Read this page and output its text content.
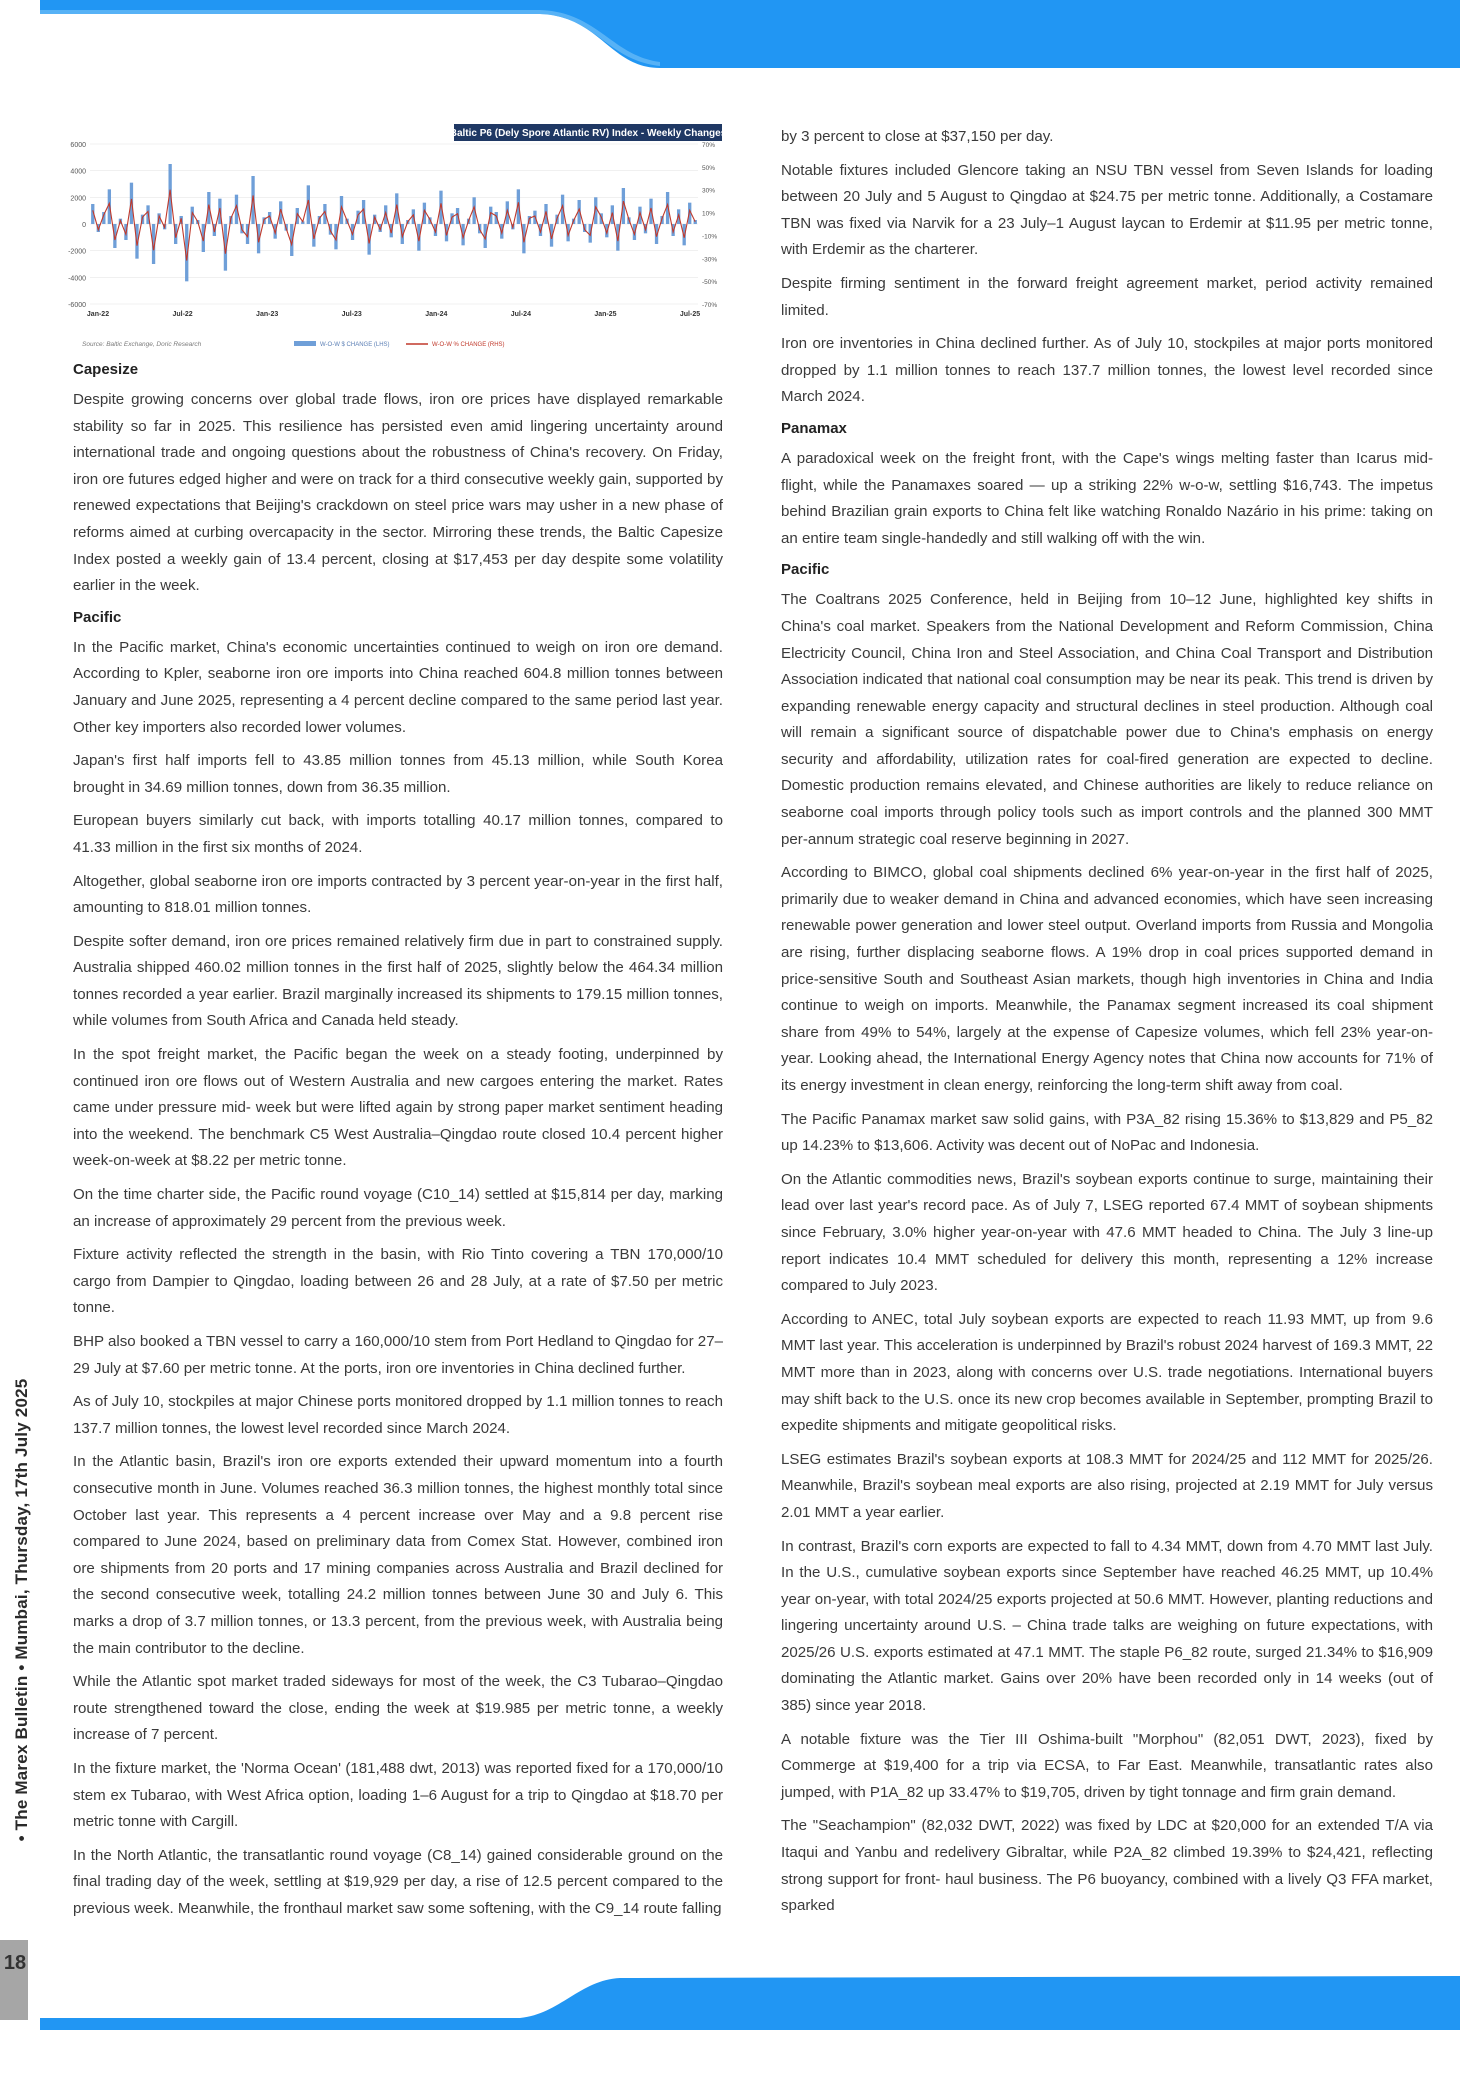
• The Marex Bulletin • Mumbai, Thursday, 17th July 2025
18
Baltic P6 (Dely Spore Atlantic RV) Index - Weekly Changes
6000
4000
2000
0
-2000
-4000
-6000
70%
50%
30%
10%
-10%
-30%
-50%
-70%
Jan-22	Jul-22	Jan-23	Jul-23	Jan-24	Jul-24	Jan-25	Jul-25
Source: Baltic Exchange, Doric Research	W-O-W $ CHANGE (LHS)	W-O-W % CHANGE (RHS)
Capesize

Despite growing concerns over global trade flows, iron ore prices have displayed remarkable stability so far in 2025. This resilience has persisted even amid lingering uncertainty around international trade and ongoing questions about the robustness of China's recovery. On Friday, iron ore futures edged higher and were on track for a third consecutive weekly gain, supported by renewed expectations that Beijing's crackdown on steel price wars may usher in a new phase of reforms aimed at curbing overcapacity in the sector. Mirroring these trends, the Baltic Capesize Index posted a weekly gain of 13.4 percent, closing at $17,453 per day despite some volatility earlier in the week.

Pacific

In the Pacific market, China's economic uncertainties continued to weigh on iron ore demand. According to Kpler, seaborne iron ore imports into China reached 604.8 million tonnes between January and June 2025, representing a 4 percent decline compared to the same period last year. Other key importers also recorded lower volumes.

Japan's first half imports fell to 43.85 million tonnes from 45.13 million, while South Korea brought in 34.69 million tonnes, down from 36.35 million.

European buyers similarly cut back, with imports totalling 40.17 million tonnes, compared to 41.33 million in the first six months of 2024.

Altogether, global seaborne iron ore imports contracted by 3 percent year-on-year in the first half, amounting to 818.01 million tonnes.

Despite softer demand, iron ore prices remained relatively firm due in part to constrained supply. Australia shipped 460.02 million tonnes in the first half of 2025, slightly below the 464.34 million tonnes recorded a year earlier. Brazil marginally increased its shipments to 179.15 million tonnes, while volumes from South Africa and Canada held steady.

In the spot freight market, the Pacific began the week on a steady footing, underpinned by continued iron ore flows out of Western Australia and new cargoes entering the market. Rates came under pressure mid- week but were lifted again by strong paper market sentiment heading into the weekend. The benchmark C5 West Australia–Qingdao route closed 10.4 percent higher week-on-week at $8.22 per metric tonne.

On the time charter side, the Pacific round voyage (C10_14) settled at $15,814 per day, marking an increase of approximately 29 percent from the previous week.

Fixture activity reflected the strength in the basin, with Rio Tinto covering a TBN 170,000/10 cargo from Dampier to Qingdao, loading between 26 and 28 July, at a rate of $7.50 per metric tonne.

BHP also booked a TBN vessel to carry a 160,000/10 stem from Port Hedland to Qingdao for 27–29 July at $7.60 per metric tonne. At the ports, iron ore inventories in China declined further.

As of July 10, stockpiles at major Chinese ports monitored dropped by 1.1 million tonnes to reach 137.7 million tonnes, the lowest level recorded since March 2024.

In the Atlantic basin, Brazil's iron ore exports extended their upward momentum into a fourth consecutive month in June. Volumes reached 36.3 million tonnes, the highest monthly total since October last year. This represents a 4 percent increase over May and a 9.8 percent rise compared to June 2024, based on preliminary data from Comex Stat. However, combined iron ore shipments from 20 ports and 17 mining companies across Australia and Brazil declined for the second consecutive week, totalling 24.2 million tonnes between June 30 and July 6. This marks a drop of 3.7 million tonnes, or 13.3 percent, from the previous week, with Australia being the main contributor to the decline.

While the Atlantic spot market traded sideways for most of the week, the C3 Tubarao–Qingdao route strengthened toward the close, ending the week at $19.985 per metric tonne, a weekly increase of 7 percent.

In the fixture market, the 'Norma Ocean' (181,488 dwt, 2013) was reported fixed for a 170,000/10 stem ex Tubarao, with West Africa option, loading 1–6 August for a trip to Qingdao at $18.70 per metric tonne with Cargill.

In the North Atlantic, the transatlantic round voyage (C8_14) gained considerable ground on the final trading day of the week, settling at $19,929 per day, a rise of 12.5 percent compared to the previous week. Meanwhile, the fronthaul market saw some softening, with the C9_14 route falling

by 3 percent to close at $37,150 per day.

Notable fixtures included Glencore taking an NSU TBN vessel from Seven Islands for loading between 20 July and 5 August to Qingdao at $24.75 per metric tonne. Additionally, a Costamare TBN was fixed via Narvik for a 23 July–1 August laycan to Erdemir at $11.95 per metric tonne, with Erdemir as the charterer.

Despite firming sentiment in the forward freight agreement market, period activity remained limited.

Iron ore inventories in China declined further. As of July 10, stockpiles at major ports monitored dropped by 1.1 million tonnes to reach 137.7 million tonnes, the lowest level recorded since March 2024.

Panamax

A paradoxical week on the freight front, with the Cape's wings melting faster than Icarus mid-flight, while the Panamaxes soared — up a striking 22% w-o-w, settling $16,743. The impetus behind Brazilian grain exports to China felt like watching Ronaldo Nazário in his prime: taking on an entire team single-handedly and still walking off with the win.

Pacific

The Coaltrans 2025 Conference, held in Beijing from 10–12 June, highlighted key shifts in China's coal market. Speakers from the National Development and Reform Commission, China Electricity Council, China Iron and Steel Association, and China Coal Transport and Distribution Association indicated that national coal consumption may be near its peak. This trend is driven by expanding renewable energy capacity and structural declines in steel production. Although coal will remain a significant source of dispatchable power due to China's emphasis on energy security and affordability, utilization rates for coal-fired generation are expected to decline. Domestic production remains elevated, and Chinese authorities are likely to reduce reliance on seaborne coal imports through policy tools such as import controls and the planned 300 MMT per-annum strategic coal reserve beginning in 2027.

According to BIMCO, global coal shipments declined 6% year-on-year in the first half of 2025, primarily due to weaker demand in China and advanced economies, which have seen increasing renewable power generation and lower steel output. Overland imports from Russia and Mongolia are rising, further displacing seaborne flows. A 19% drop in coal prices supported demand in price-sensitive South and Southeast Asian markets, though high inventories in China and India continue to weigh on imports. Meanwhile, the Panamax segment increased its coal shipment share from 49% to 54%, largely at the expense of Capesize volumes, which fell 23% year-on-year. Looking ahead, the International Energy Agency notes that China now accounts for 71% of its energy investment in clean energy, reinforcing the long-term shift away from coal.

The Pacific Panamax market saw solid gains, with P3A_82 rising 15.36% to $13,829 and P5_82 up 14.23% to $13,606. Activity was decent out of NoPac and Indonesia.

On the Atlantic commodities news, Brazil's soybean exports continue to surge, maintaining their lead over last year's record pace. As of July 7, LSEG reported 67.4 MMT of soybean shipments since February, 3.0% higher year-on-year with 47.6 MMT headed to China. The July 3 line-up report indicates 10.4 MMT scheduled for delivery this month, representing a 12% increase compared to July 2023.

According to ANEC, total July soybean exports are expected to reach 11.93 MMT, up from 9.6 MMT last year. This acceleration is underpinned by Brazil's robust 2024 harvest of 169.3 MMT, 22 MMT more than in 2023, along with concerns over U.S. trade negotiations. International buyers may shift back to the U.S. once its new crop becomes available in September, prompting Brazil to expedite shipments and mitigate geopolitical risks.

LSEG estimates Brazil's soybean exports at 108.3 MMT for 2024/25 and 112 MMT for 2025/26. Meanwhile, Brazil's soybean meal exports are also rising, projected at 2.19 MMT for July versus 2.01 MMT a year earlier.

In contrast, Brazil's corn exports are expected to fall to 4.34 MMT, down from 4.70 MMT last July. In the U.S., cumulative soybean exports since September have reached 46.25 MMT, up 10.4% year on-year, with total 2024/25 exports projected at 50.6 MMT. However, planting reductions and lingering uncertainty around U.S. – China trade talks are weighing on future expectations, with 2025/26 U.S. exports estimated at 47.1 MMT. The staple P6_82 route, surged 21.34% to $16,909 dominating the Atlantic market. Gains over 20% have been recorded only in 14 weeks (out of 385) since year 2018.

A notable fixture was the Tier III Oshima-built "Morphou" (82,051 DWT, 2023), fixed by Commerge at $19,400 for a trip via ECSA, to Far East. Meanwhile, transatlantic rates also jumped, with P1A_82 up 33.47% to $19,705, driven by tight tonnage and firm grain demand.

The "Seachampion" (82,032 DWT, 2022) was fixed by LDC at $20,000 for an extended T/A via Itaqui and Yanbu and redelivery Gibraltar, while P2A_82 climbed 19.39% to $24,421, reflecting strong support for front- haul business. The P6 buoyancy, combined with a lively Q3 FFA market, sparked
